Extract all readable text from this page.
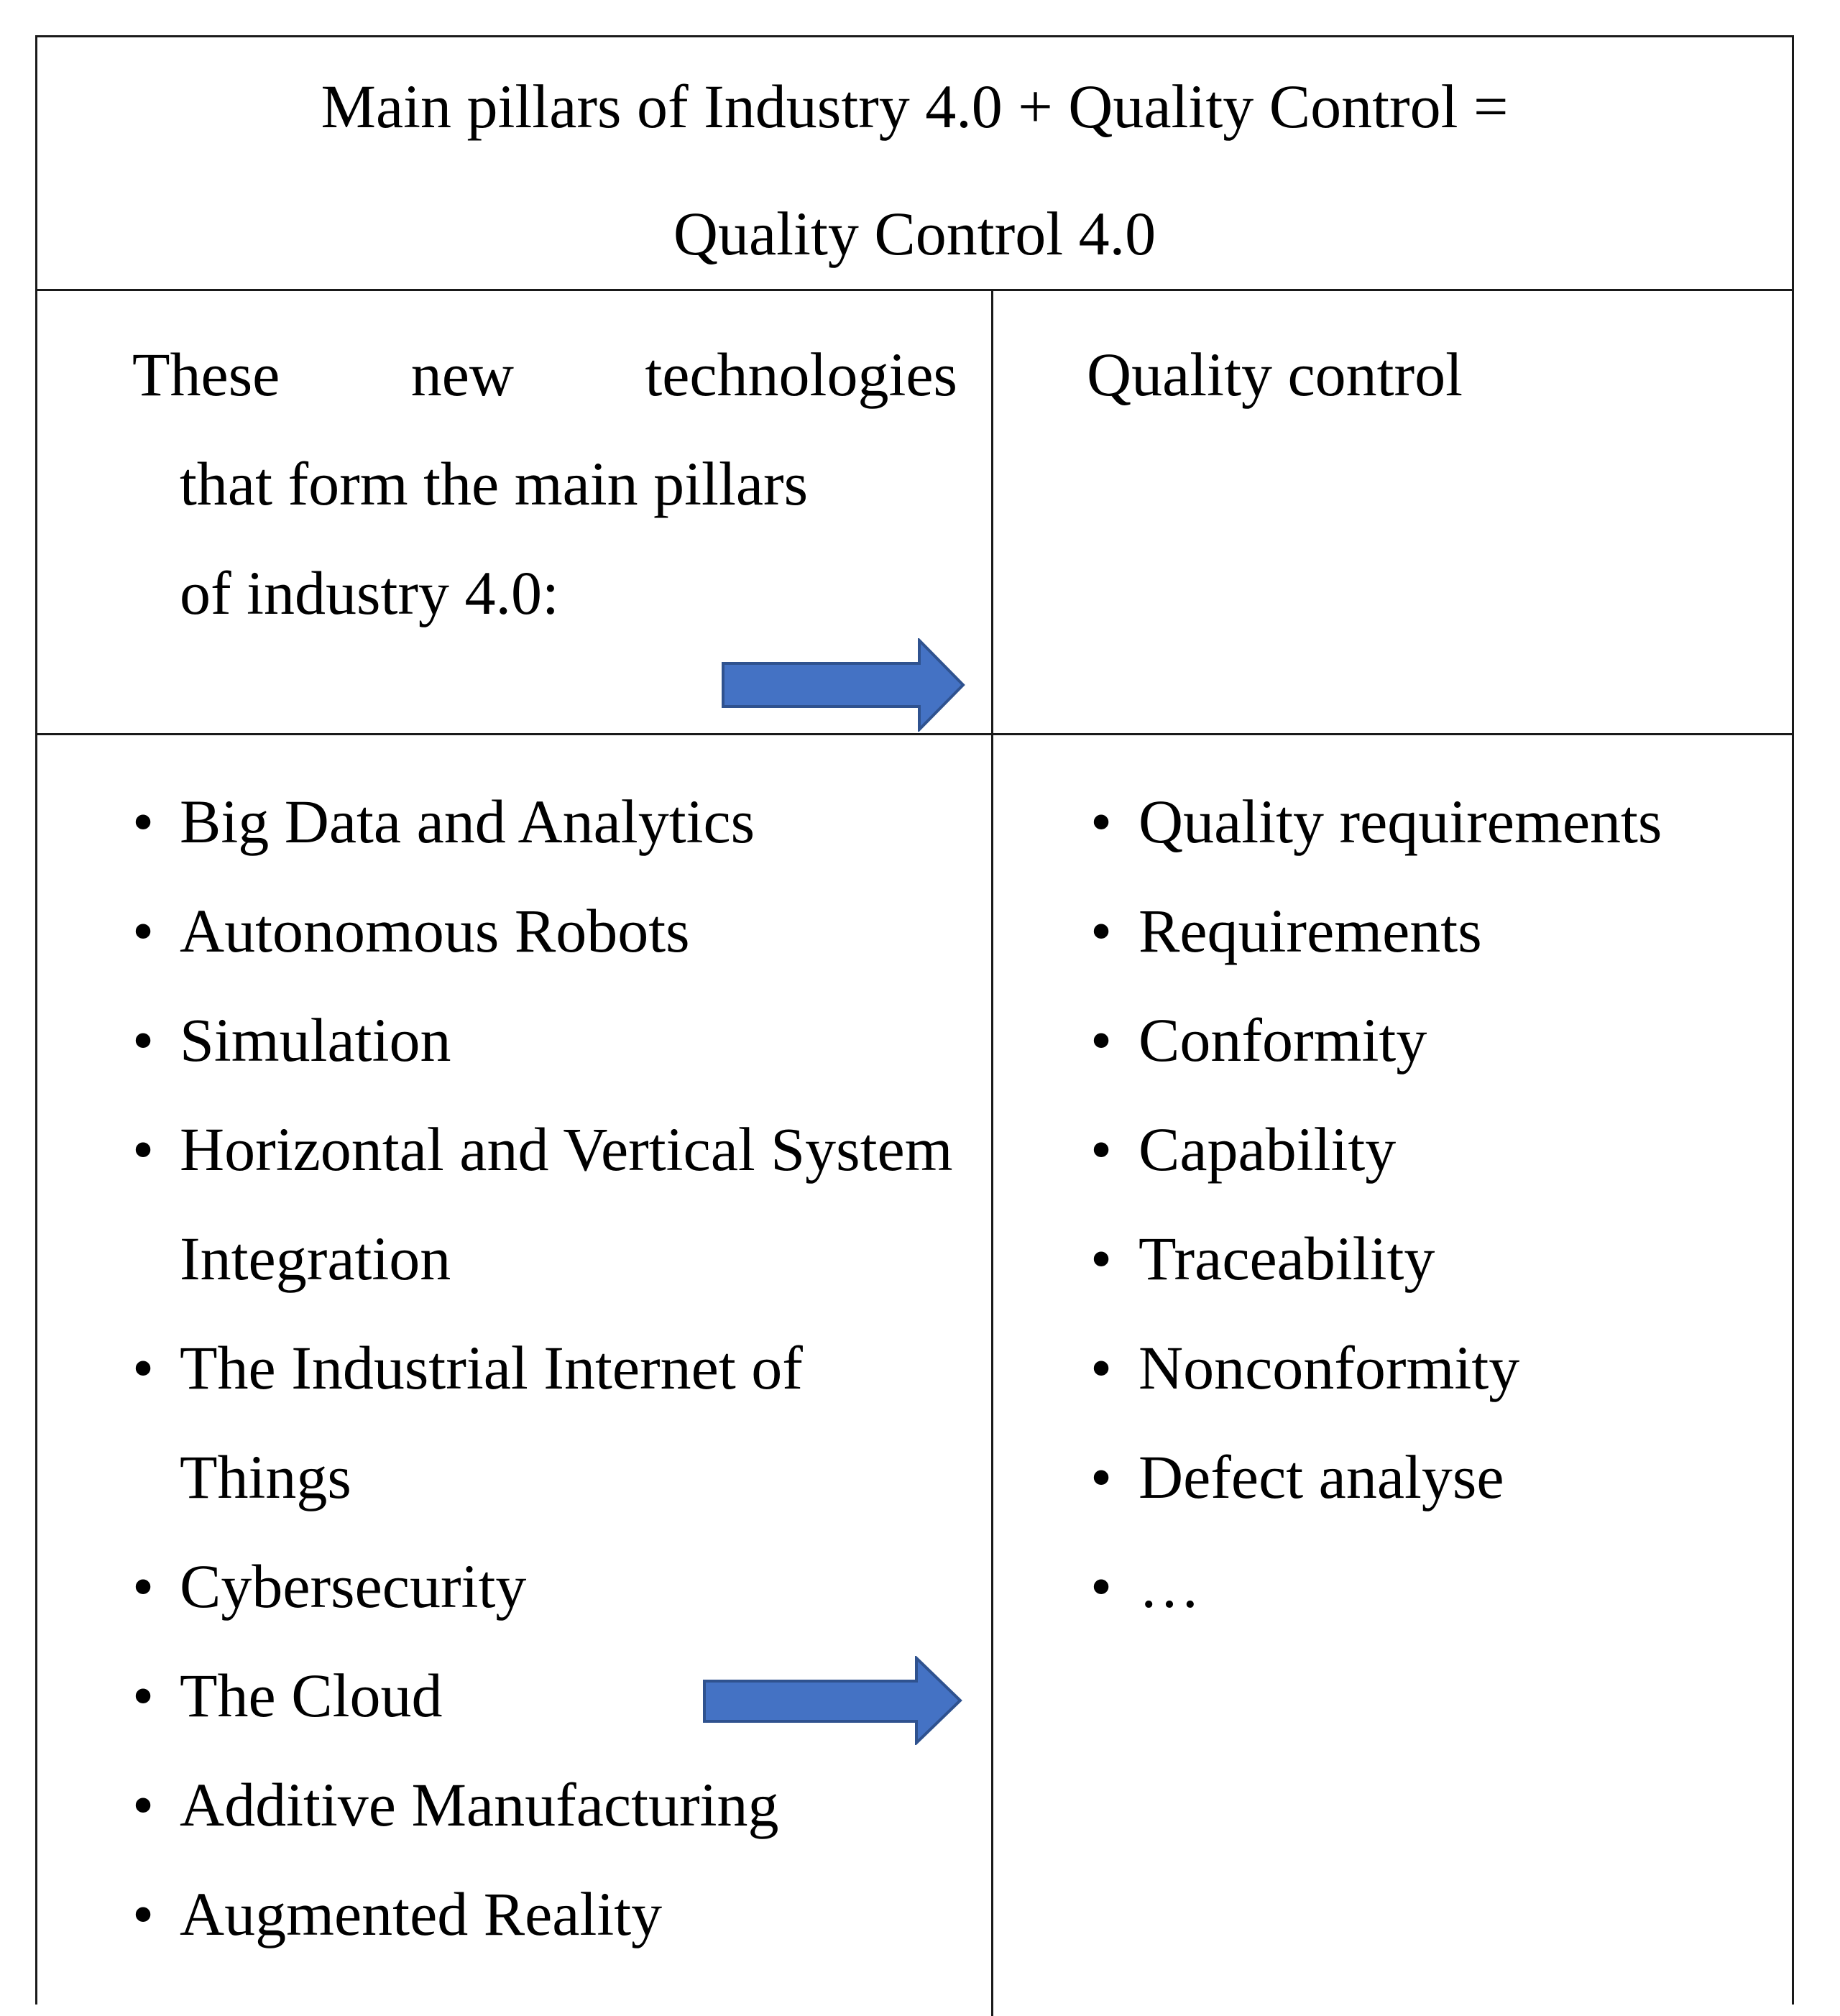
Main pillars of Industry 4.0 + Quality Control =
Quality Control 4.0
These new technologies
that form the main pillars
of industry 4.0:
Quality control
• Big Data and Analytics
• Autonomous Robots
• Simulation
• Horizontal and Vertical System Integration
• The Industrial Internet of Things
• Cybersecurity
• The Cloud
• Additive Manufacturing
• Augmented Reality
• Quality requirements
• Requirements
• Conformity
• Capability
• Traceability
• Nonconformity
• Defect analyse
• …
